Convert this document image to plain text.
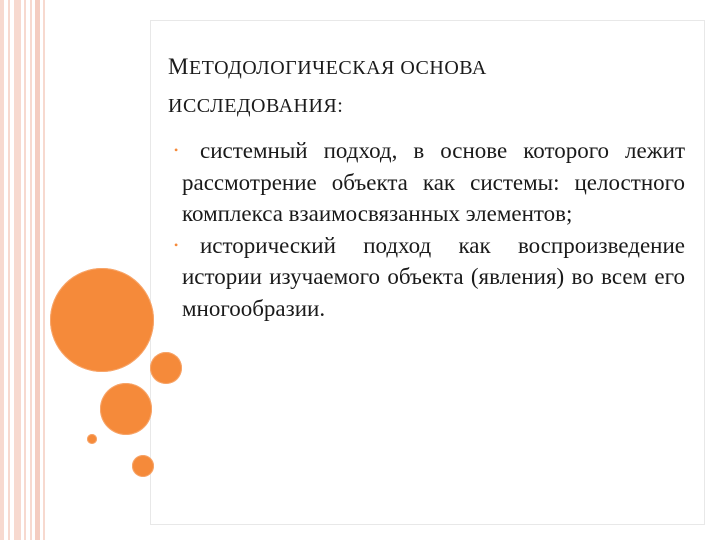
МЕТОДОЛОГИЧЕСКАЯ ОСНОВА
ИССЛЕДОВАНИЯ:

• системный подход, в основе которого лежит рассмотрение объекта как системы: целостного комплекса взаимосвязанных элементов;

• исторический подход как воспроизведение истории изучаемого объекта (явления) во всем его многообразии.
